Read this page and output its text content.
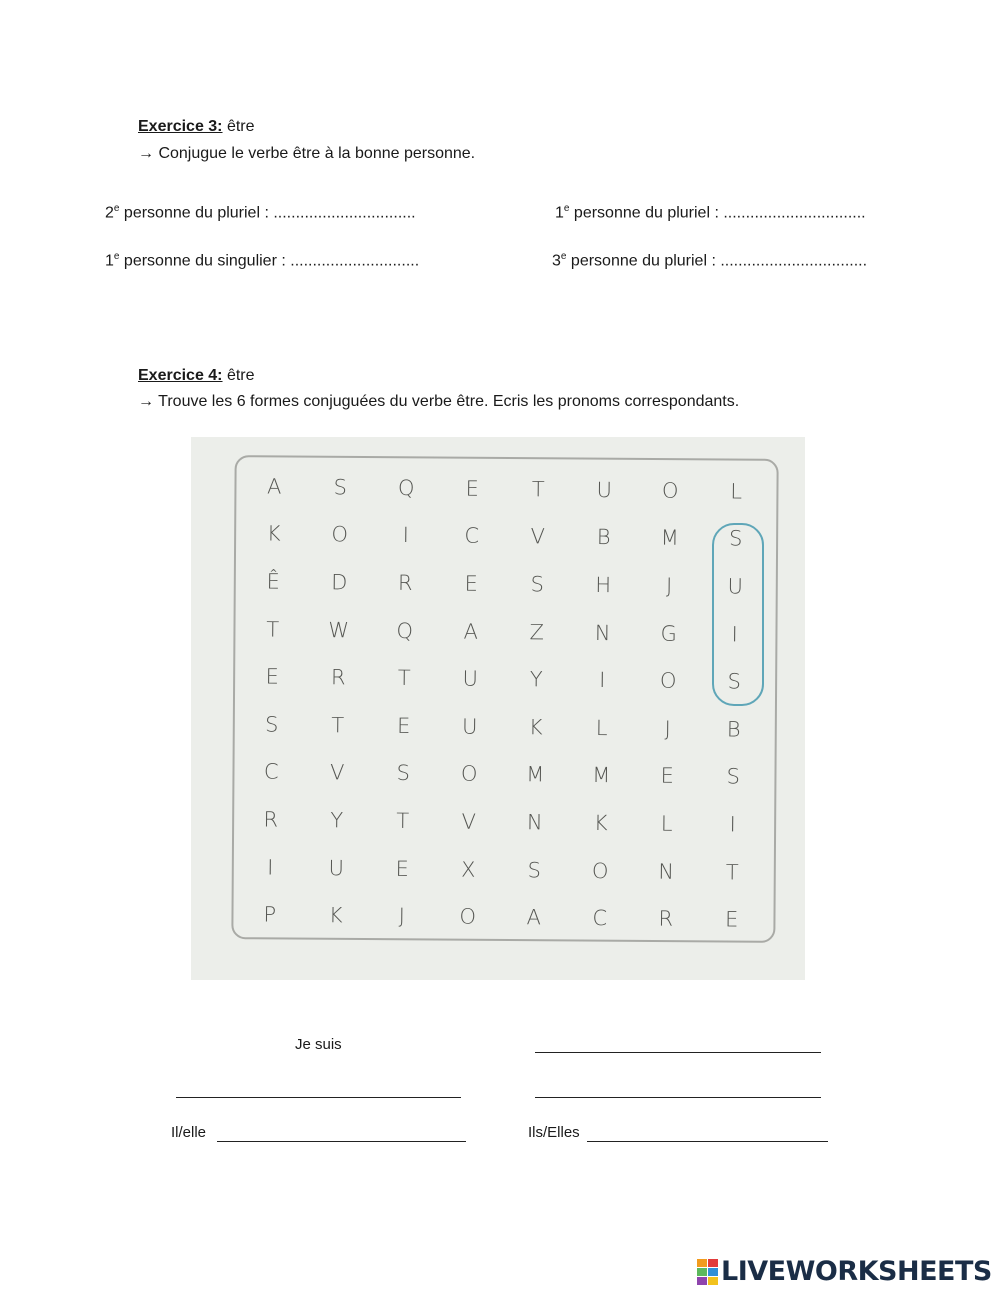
Exercice 3: être
→ Conjugue le verbe être à la bonne personne.
2e personne du pluriel : ................................	1e personne du pluriel : ................................
1e personne du singulier : .............................	3e personne du pluriel : .................................
Exercice 4: être
→ Trouve les 6 formes conjuguées du verbe être. Ecris les pronoms correspondants.
A	S	Q	E	T	U	O	L
K	O	I	C	V	B	M	S
Ê	D	R	E	S	H	J	U
T	W	Q	A	Z	N	G	I
E	R	T	U	Y	I	O	S
S	T	E	U	K	L	J	B
C	V	S	O	M	M	E	S
R	Y	T	V	N	K	L	I
I	U	E	X	S	O	N	T
P	K	J	O	A	C	R	E
Je suis
Il/elle	Ils/Elles
LIVEWORKSHEETS
